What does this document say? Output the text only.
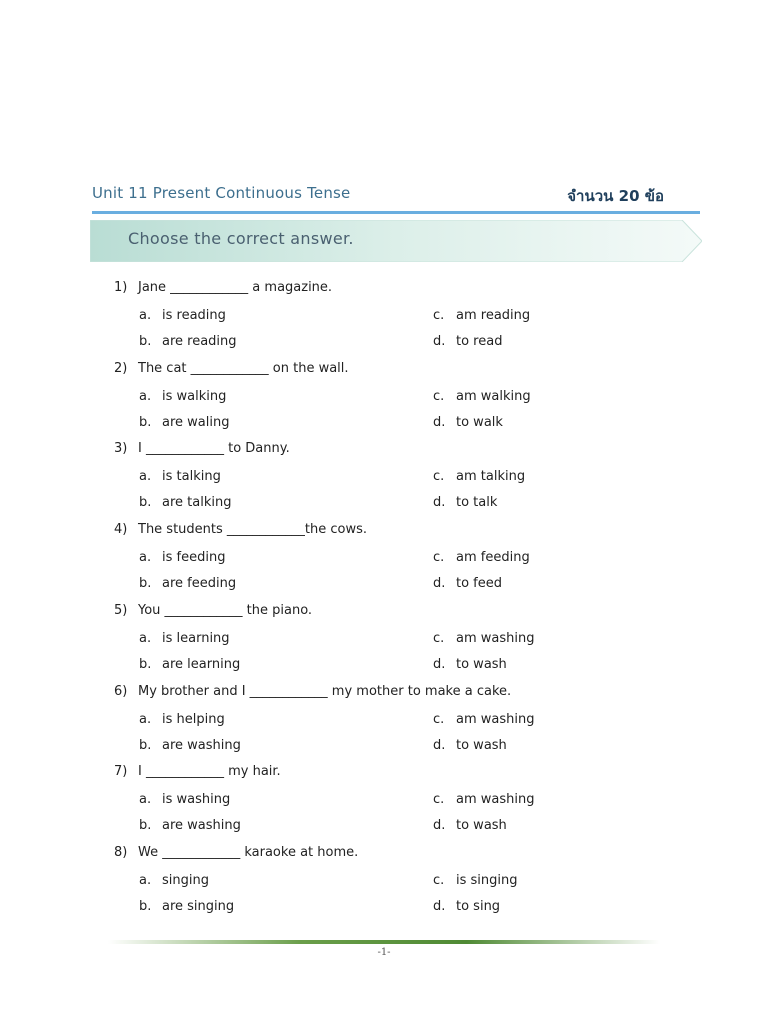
Unit 11 Present Continuous Tense	จำนวน 20 ข้อ
Choose the correct answer.
1) Jane ____________ a magazine.
a. is reading	c. am reading
b. are reading	d. to read
2) The cat ____________ on the wall.
a. is walking	c. am walking
b. are waling	d. to walk
3) I ____________ to Danny.
a. is talking	c. am talking
b. are talking	d. to talk
4) The students ____________the cows.
a. is feeding	c. am feeding
b. are feeding	d. to feed
5) You ____________ the piano.
a. is learning	c. am washing
b. are learning	d. to wash
6) My brother and I ____________ my mother to make a cake.
a. is helping	c. am washing
b. are washing	d. to wash
7) I ____________ my hair.
a. is washing	c. am washing
b. are washing	d. to wash
8) We ____________ karaoke at home.
a. singing	c. is singing
b. are singing	d. to sing
-1-
